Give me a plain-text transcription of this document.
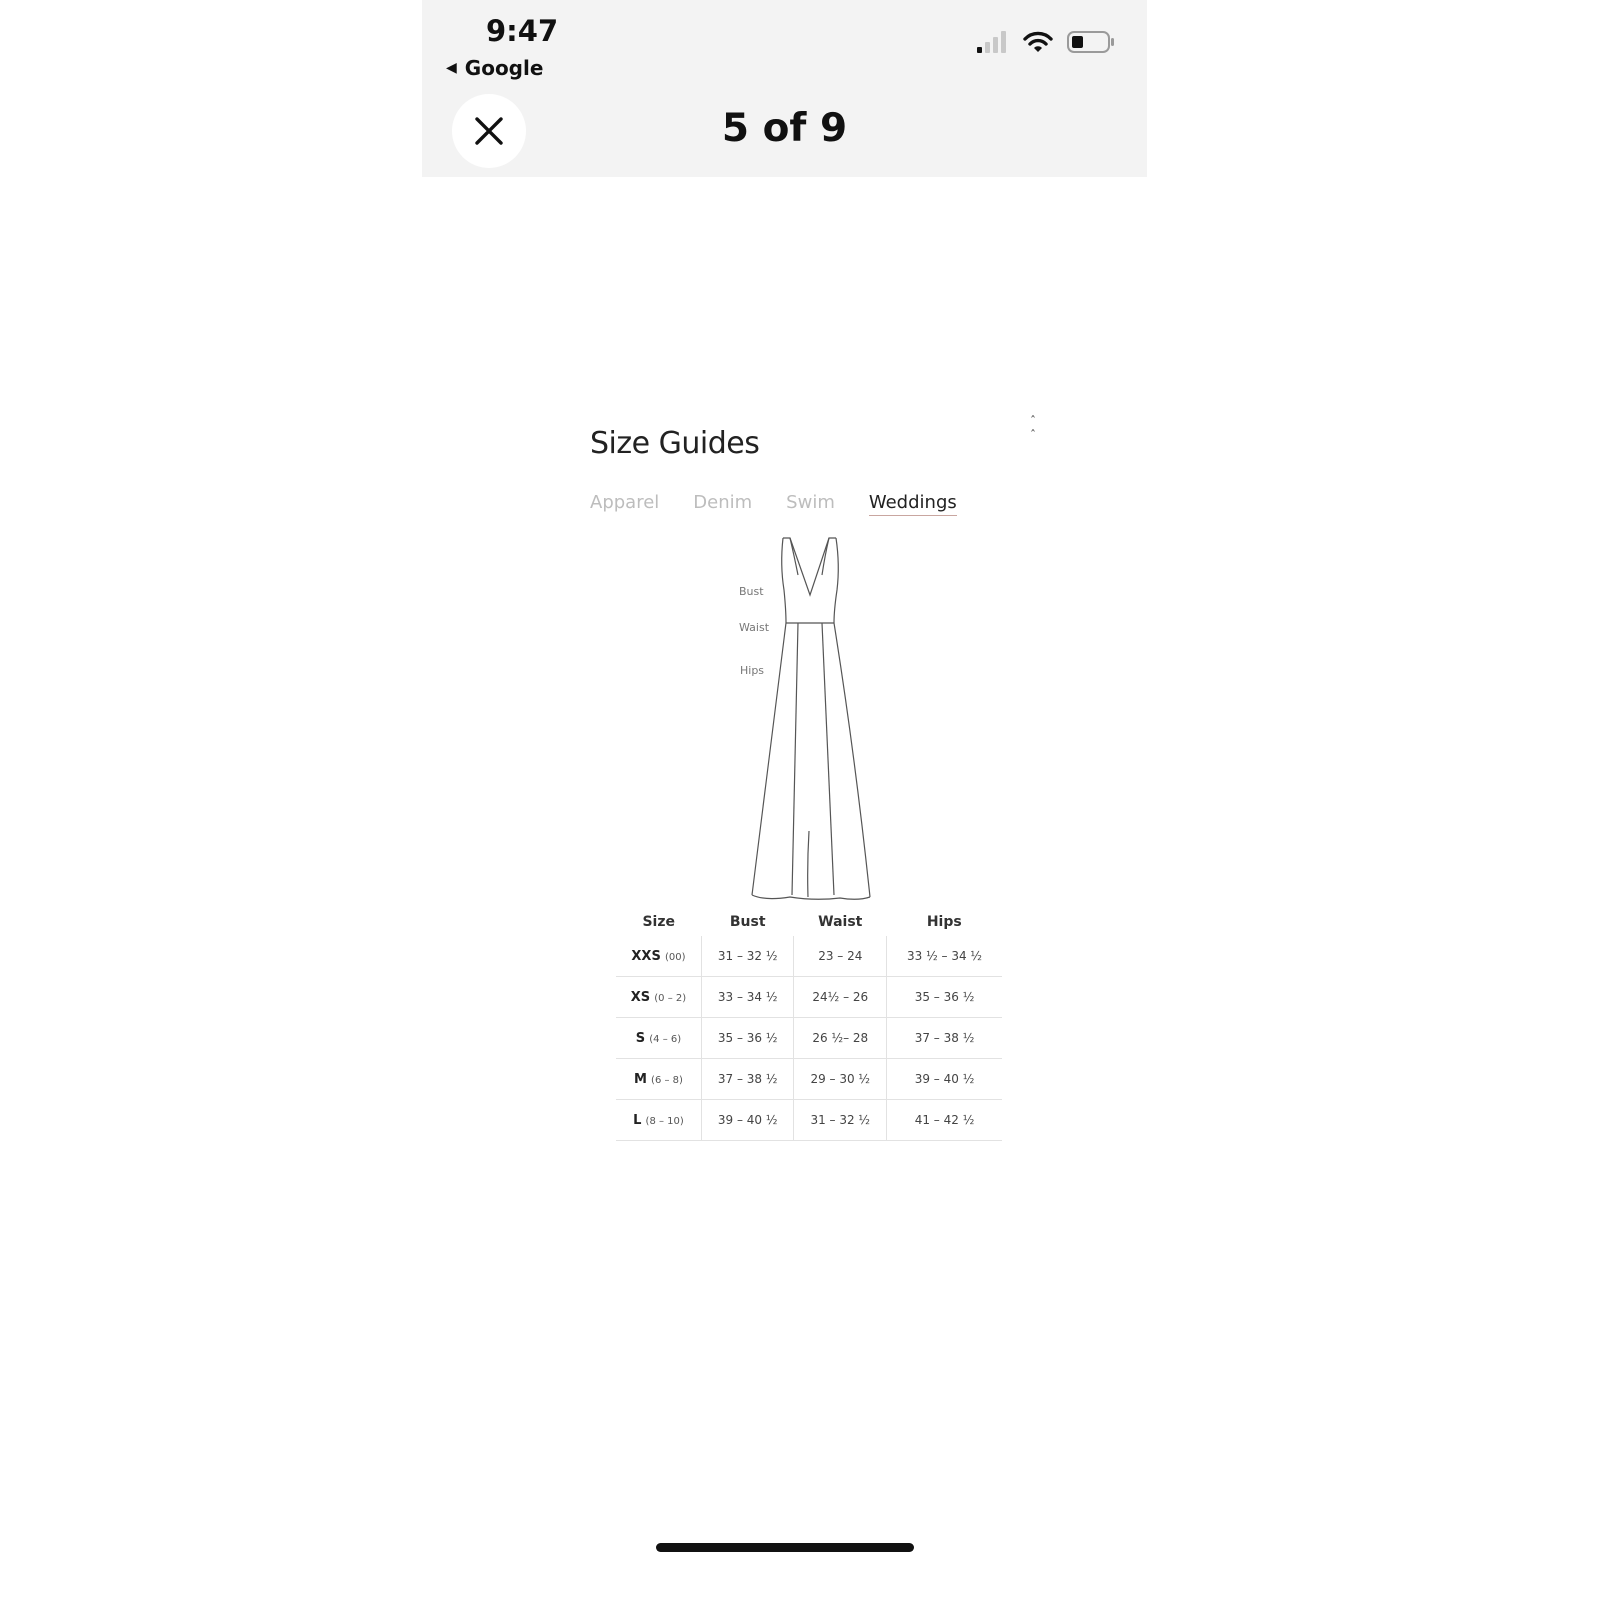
9:47
◀ Google
5 of 9
Size Guides
ˆ ˆ
Apparel Denim Swim Weddings
Bust
Waist
Hips
Size	Bust	Waist	Hips
XXS (00)	31 – 32 ½	23 – 24	33 ½ – 34 ½
XS (0 – 2)	33 – 34 ½	24½ – 26	35 – 36 ½
S (4 – 6)	35 – 36 ½	26 ½– 28	37 – 38 ½
M (6 – 8)	37 – 38 ½	29 – 30 ½	39 – 40 ½
L (8 – 10)	39 – 40 ½	31 – 32 ½	41 – 42 ½
